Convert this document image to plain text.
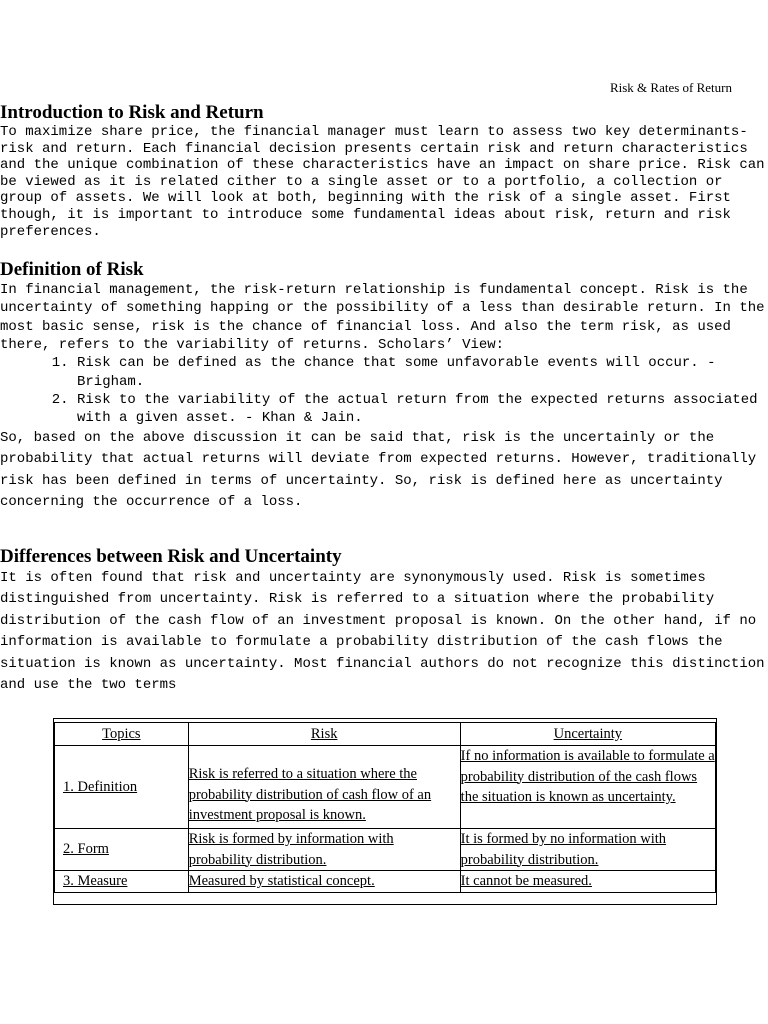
Risk & Rates of Return
Introduction to Risk and Return

To maximize share price, the financial manager must learn to assess two key determinants-risk and return. Each financial decision presents certain risk and return characteristics and the unique combination of these characteristics have an impact on share price. Risk can be viewed as it is related cither to a single asset or to a portfolio, a collection or group of assets. We will look at both, beginning with the risk of a single asset. First though, it is important to introduce some fundamental ideas about risk, return and risk preferences.

Definition of Risk

In financial management, the risk-return relationship is fundamental concept. Risk is the uncertainty of something happing or the possibility of a less than desirable return. In the most basic sense, risk is the chance of financial loss. And also the term risk, as used there, refers to the variability of returns. Scholars’ View:

1. Risk can be defined as the chance that some unfavorable events will occur. - Brigham.
2. Risk to the variability of the actual return from the expected returns associated with a given asset. - Khan & Jain.

So, based on the above discussion it can be said that, risk is the uncertainly or the probability that actual returns will deviate from expected returns. However, traditionally risk has been defined in terms of uncertainty. So, risk is defined here as uncertainty concerning the occurrence of a loss.

Differences between Risk and Uncertainty

It is often found that risk and uncertainty are synonymously used. Risk is sometimes distinguished from uncertainty. Risk is referred to a situation where the probability distribution of the cash flow of an investment proposal is known. On the other hand, if no information is available to formulate a probability distribution of the cash flows the situation is known as uncertainty. Most financial authors do not recognize this distinction and use the two terms

Topics	Risk	Uncertainty
1. Definition	Risk is referred to a situation where the probability distribution of cash flow of an investment proposal is known.	If no information is available to formulate a probability distribution of the cash flows the situation is known as uncertainty.
2. Form	Risk is formed by information with probability distribution.	It is formed by no information with probability distribution.
3. Measure	Measured by statistical concept.	It cannot be measured.
